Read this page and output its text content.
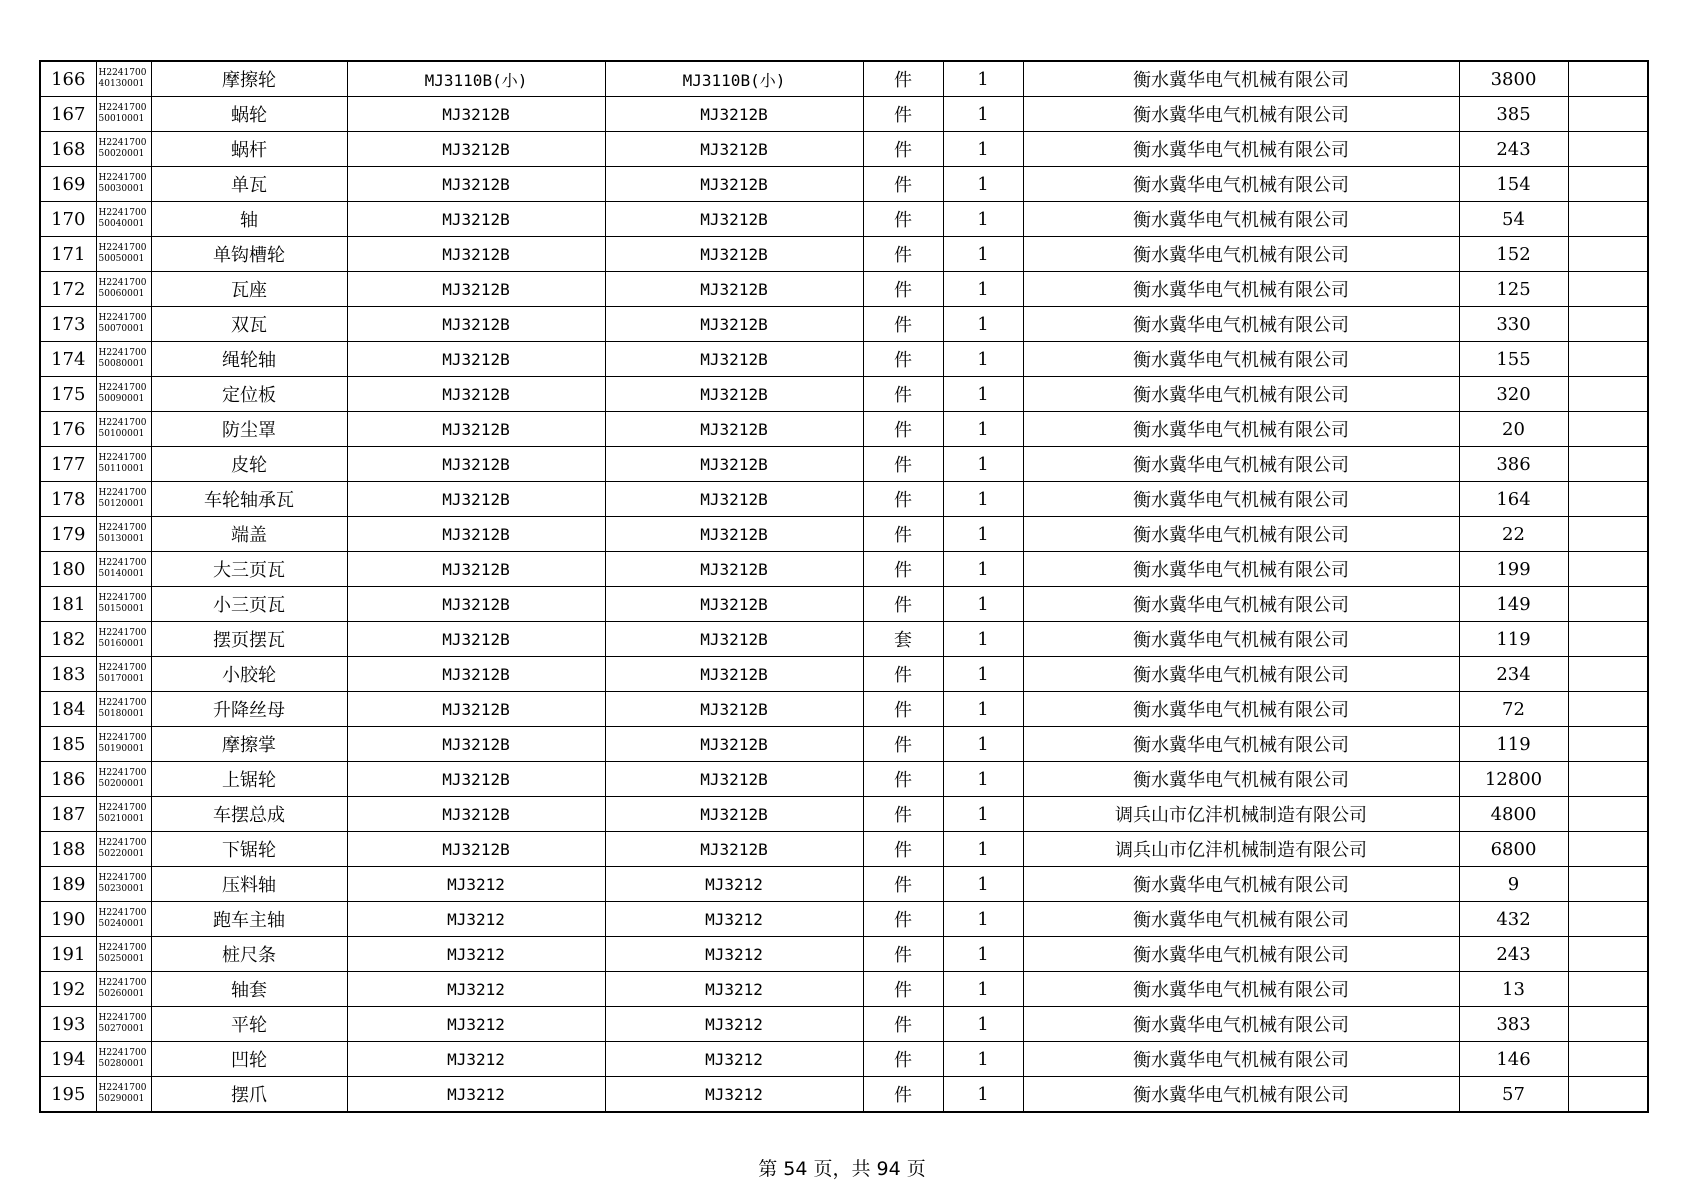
166	H224170040130001	摩擦轮	MJ3110B(小)	MJ3110B(小)	件	1	衡水冀华电气机械有限公司	3800	
167	H224170050010001	蜗轮	MJ3212B	MJ3212B	件	1	衡水冀华电气机械有限公司	385	
168	H224170050020001	蜗杆	MJ3212B	MJ3212B	件	1	衡水冀华电气机械有限公司	243	
169	H224170050030001	单瓦	MJ3212B	MJ3212B	件	1	衡水冀华电气机械有限公司	154	
170	H224170050040001	轴	MJ3212B	MJ3212B	件	1	衡水冀华电气机械有限公司	54	
171	H224170050050001	单钩槽轮	MJ3212B	MJ3212B	件	1	衡水冀华电气机械有限公司	152	
172	H224170050060001	瓦座	MJ3212B	MJ3212B	件	1	衡水冀华电气机械有限公司	125	
173	H224170050070001	双瓦	MJ3212B	MJ3212B	件	1	衡水冀华电气机械有限公司	330	
174	H224170050080001	绳轮轴	MJ3212B	MJ3212B	件	1	衡水冀华电气机械有限公司	155	
175	H224170050090001	定位板	MJ3212B	MJ3212B	件	1	衡水冀华电气机械有限公司	320	
176	H224170050100001	防尘罩	MJ3212B	MJ3212B	件	1	衡水冀华电气机械有限公司	20	
177	H224170050110001	皮轮	MJ3212B	MJ3212B	件	1	衡水冀华电气机械有限公司	386	
178	H224170050120001	车轮轴承瓦	MJ3212B	MJ3212B	件	1	衡水冀华电气机械有限公司	164	
179	H224170050130001	端盖	MJ3212B	MJ3212B	件	1	衡水冀华电气机械有限公司	22	
180	H224170050140001	大三页瓦	MJ3212B	MJ3212B	件	1	衡水冀华电气机械有限公司	199	
181	H224170050150001	小三页瓦	MJ3212B	MJ3212B	件	1	衡水冀华电气机械有限公司	149	
182	H224170050160001	摆页摆瓦	MJ3212B	MJ3212B	套	1	衡水冀华电气机械有限公司	119	
183	H224170050170001	小胶轮	MJ3212B	MJ3212B	件	1	衡水冀华电气机械有限公司	234	
184	H224170050180001	升降丝母	MJ3212B	MJ3212B	件	1	衡水冀华电气机械有限公司	72	
185	H224170050190001	摩擦掌	MJ3212B	MJ3212B	件	1	衡水冀华电气机械有限公司	119	
186	H224170050200001	上锯轮	MJ3212B	MJ3212B	件	1	衡水冀华电气机械有限公司	12800	
187	H224170050210001	车摆总成	MJ3212B	MJ3212B	件	1	调兵山市亿沣机械制造有限公司	4800	
188	H224170050220001	下锯轮	MJ3212B	MJ3212B	件	1	调兵山市亿沣机械制造有限公司	6800	
189	H224170050230001	压料轴	MJ3212	MJ3212	件	1	衡水冀华电气机械有限公司	9	
190	H224170050240001	跑车主轴	MJ3212	MJ3212	件	1	衡水冀华电气机械有限公司	432	
191	H224170050250001	桩尺条	MJ3212	MJ3212	件	1	衡水冀华电气机械有限公司	243	
192	H224170050260001	轴套	MJ3212	MJ3212	件	1	衡水冀华电气机械有限公司	13	
193	H224170050270001	平轮	MJ3212	MJ3212	件	1	衡水冀华电气机械有限公司	383	
194	H224170050280001	凹轮	MJ3212	MJ3212	件	1	衡水冀华电气机械有限公司	146	
195	H224170050290001	摆爪	MJ3212	MJ3212	件	1	衡水冀华电气机械有限公司	57	
第 54 页，共 94 页
